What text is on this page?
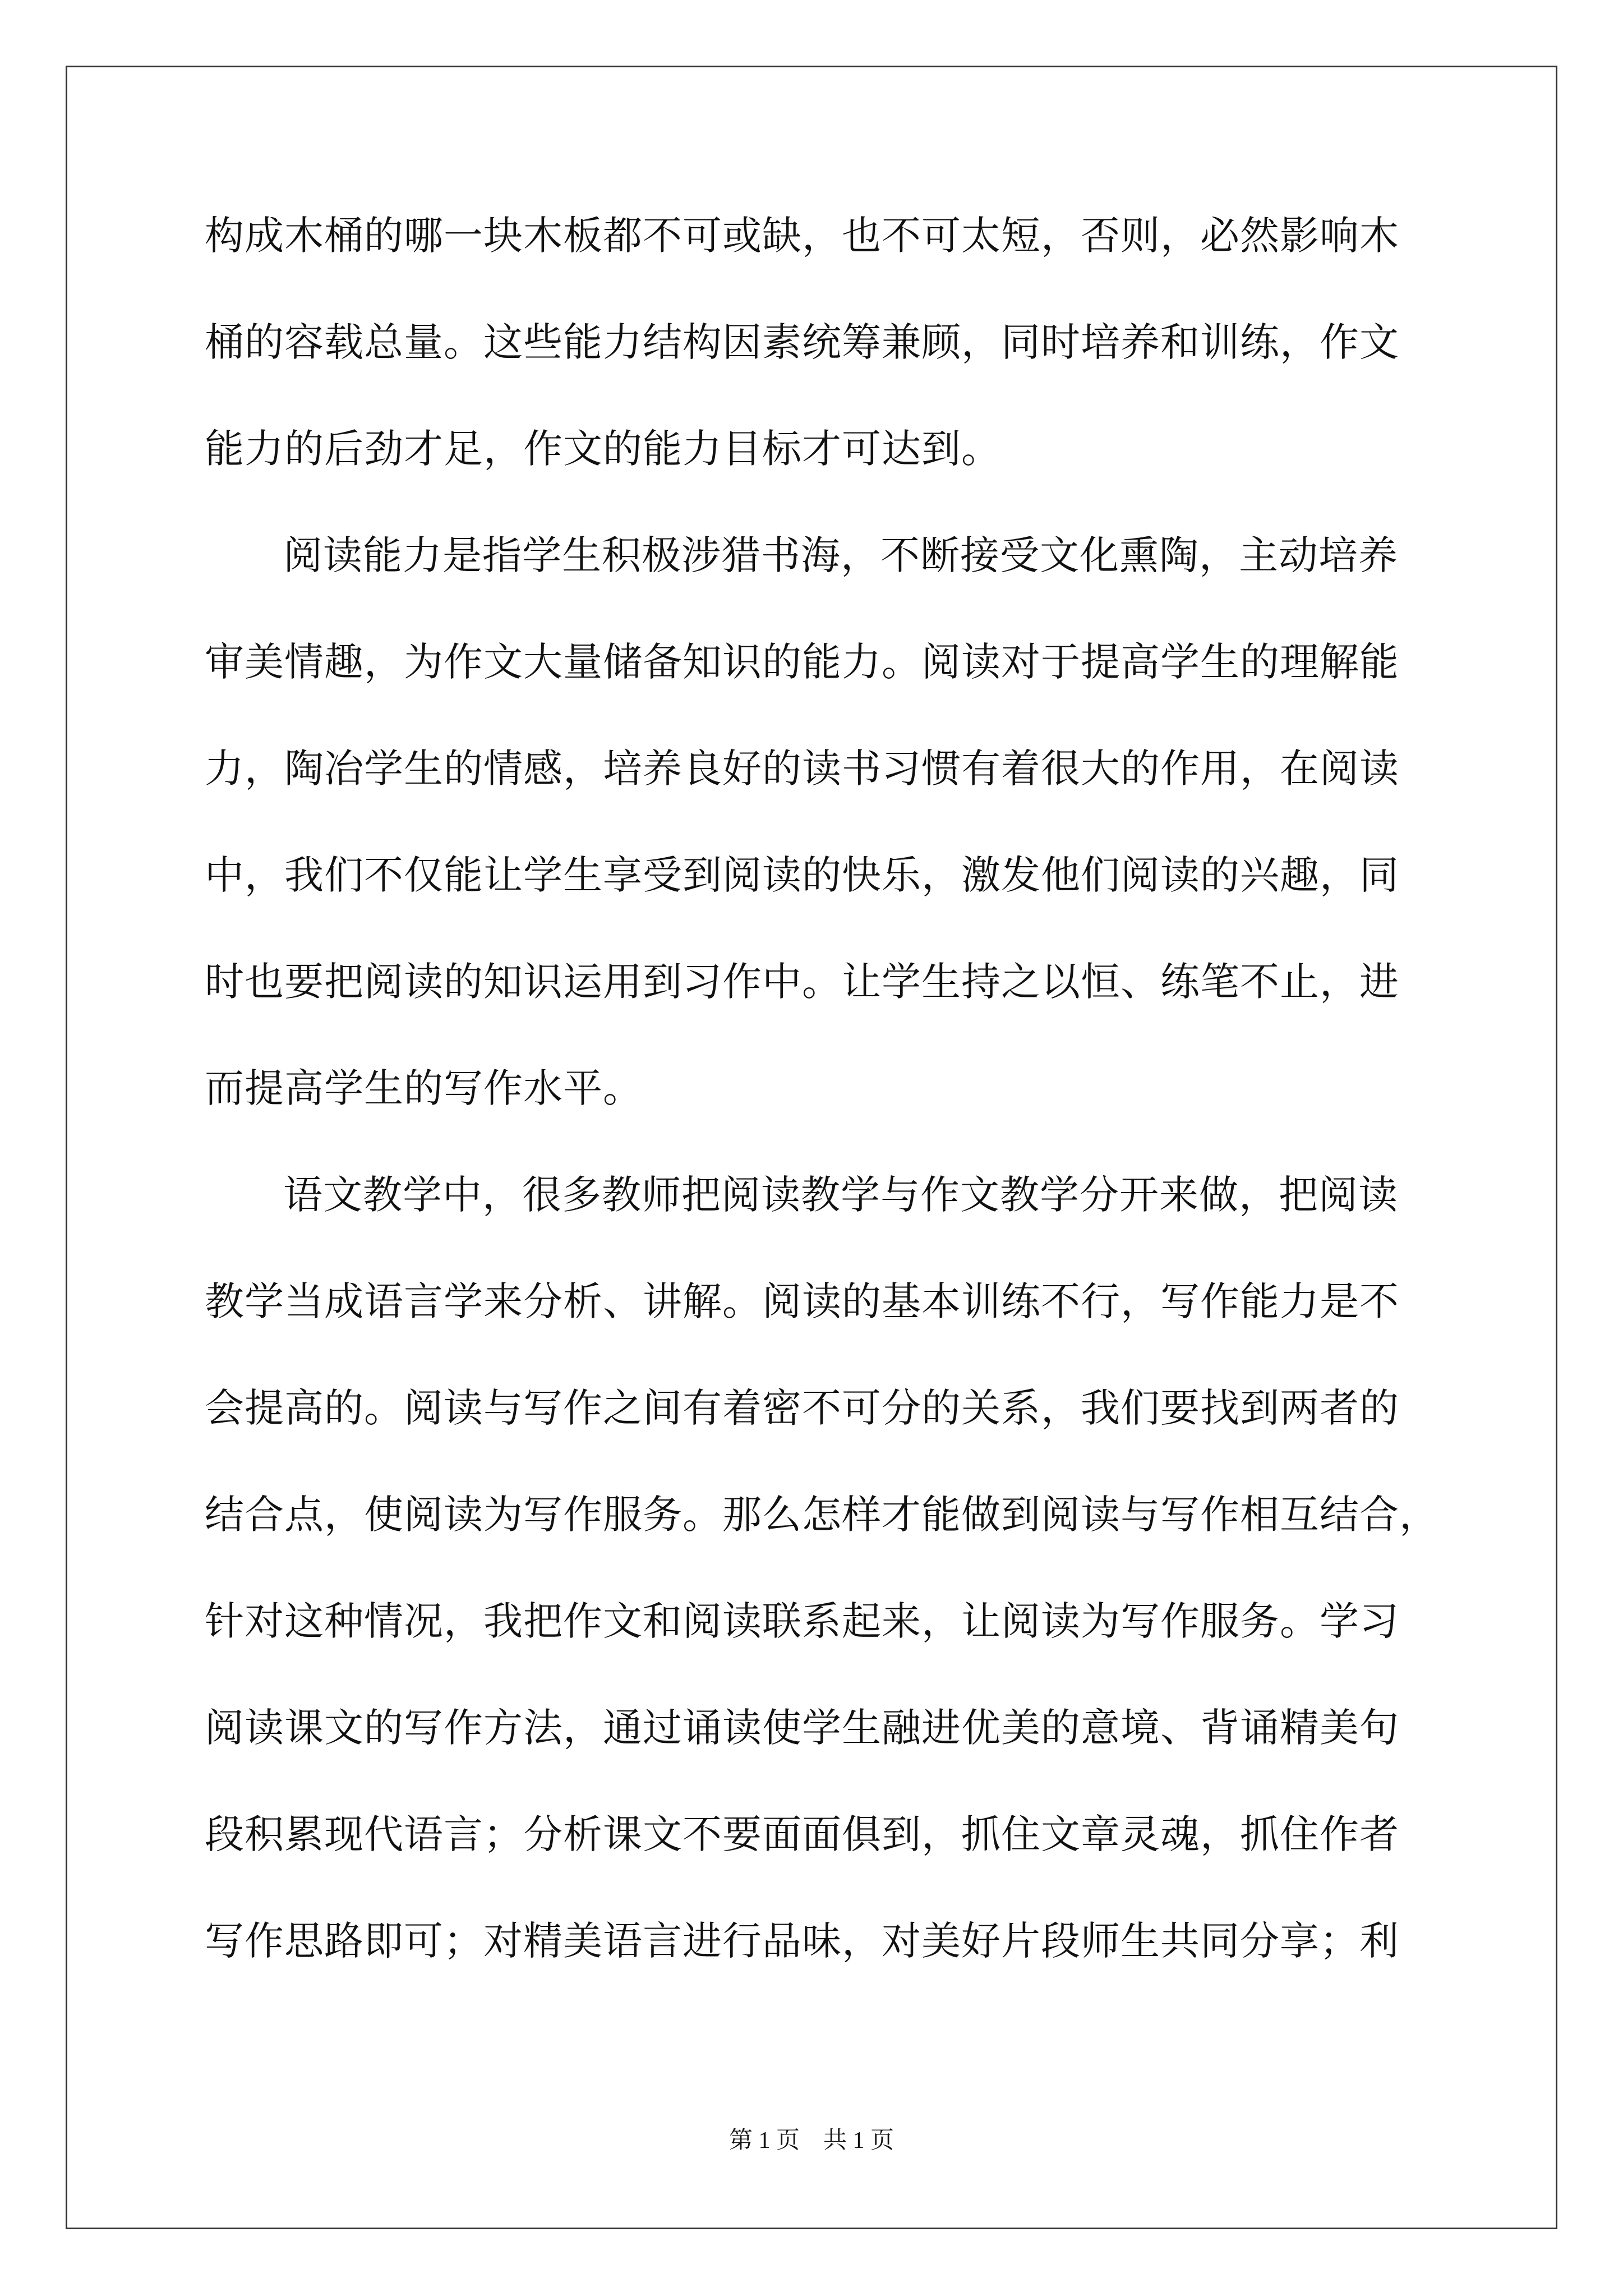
构成木桶的哪一块木板都不可或缺，也不可太短，否则，必然影响木
桶的容载总量。这些能力结构因素统筹兼顾，同时培养和训练，作文
能力的后劲才足，作文的能力目标才可达到。
阅读能力是指学生积极涉猎书海，不断接受文化熏陶，主动培养
审美情趣，为作文大量储备知识的能力。阅读对于提高学生的理解能
力，陶冶学生的情感，培养良好的读书习惯有着很大的作用，在阅读
中，我们不仅能让学生享受到阅读的快乐，激发他们阅读的兴趣，同
时也要把阅读的知识运用到习作中。让学生持之以恒、练笔不止，进
而提高学生的写作水平。
语文教学中，很多教师把阅读教学与作文教学分开来做，把阅读
教学当成语言学来分析、讲解。阅读的基本训练不行，写作能力是不
会提高的。阅读与写作之间有着密不可分的关系，我们要找到两者的
结合点，使阅读为写作服务。那么怎样才能做到阅读与写作相互结合，
针对这种情况，我把作文和阅读联系起来，让阅读为写作服务。学习
阅读课文的写作方法，通过诵读使学生融进优美的意境、背诵精美句
段积累现代语言；分析课文不要面面俱到，抓住文章灵魂，抓住作者
写作思路即可；对精美语言进行品味，对美好片段师生共同分享；利
第 1 页　共 1 页
